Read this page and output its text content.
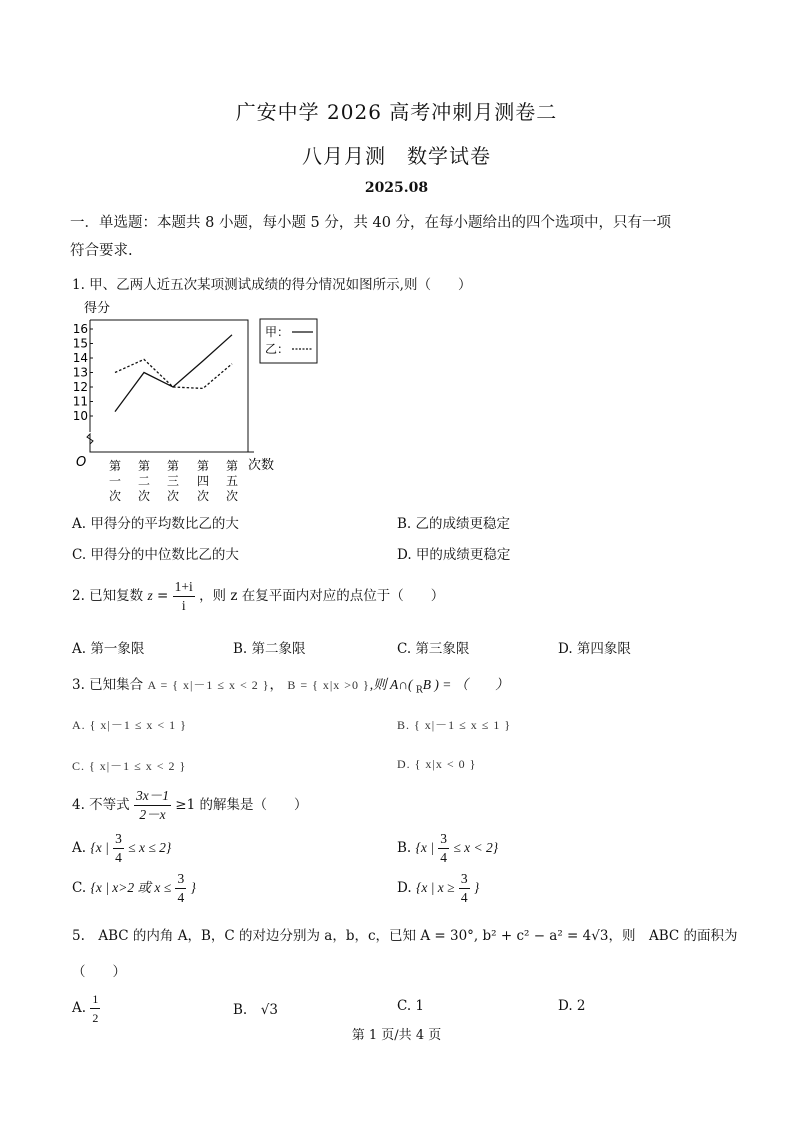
广安中学 2026 高考冲刺月测卷二
八月月测　数学试卷
2025.08
一．单选题：本题共 8 小题，每小题 5 分，共 40 分，在每小题给出的四个选项中，只有一项
符合要求.
1. 甲、乙两人近五次某项测试成绩的得分情况如图所示,则（　　）
得分
O	次数
10
11
12
13
14
15
16
第
一
次
第
二
次
第
三
次
第
四
次
第
五
次
甲：
乙：
A. 甲得分的平均数比乙的大	B. 乙的成绩更稳定
C. 甲得分的中位数比乙的大	D. 甲的成绩更稳定
2. 已知复数 $z = \frac{1+i}{i}$ ，则 z 在复平面内对应的点位于（　　）
A. 第一象限	B. 第二象限	C. 第三象限	D. 第四象限
3. 已知集合 A = { x|－1 ≤ x < 2 }， B = { x|x >0 },则 A∩( $_R$B ) = （　　）
A. { x|－1 ≤ x < 1 }	B. { x|－1 ≤ x ≤ 1 }
C. { x|－1 ≤ x < 2 }	D. { x|x < 0 }
4. 不等式 $\frac{3x-1}{2-x} \ge 1$ 的解集是（　　）
A. {x | $\frac{3}{4} \le x \le 2$}	B. {x | $\frac{3}{4} \le x < 2$}
C. {x | x>2 或 $x \le \frac{3}{4}$ }	D. {x | $x \ge \frac{3}{4}$ }
5.　ABC 的内角 A，B，C 的对边分别为 a，b，c，已知 A = 30°, b² + c² − a² = 4√3，则　ABC 的面积为
（　　）
A. $\frac{1}{2}$	B.　√3	C. 1	D. 2
第 1 页/共 4 页
